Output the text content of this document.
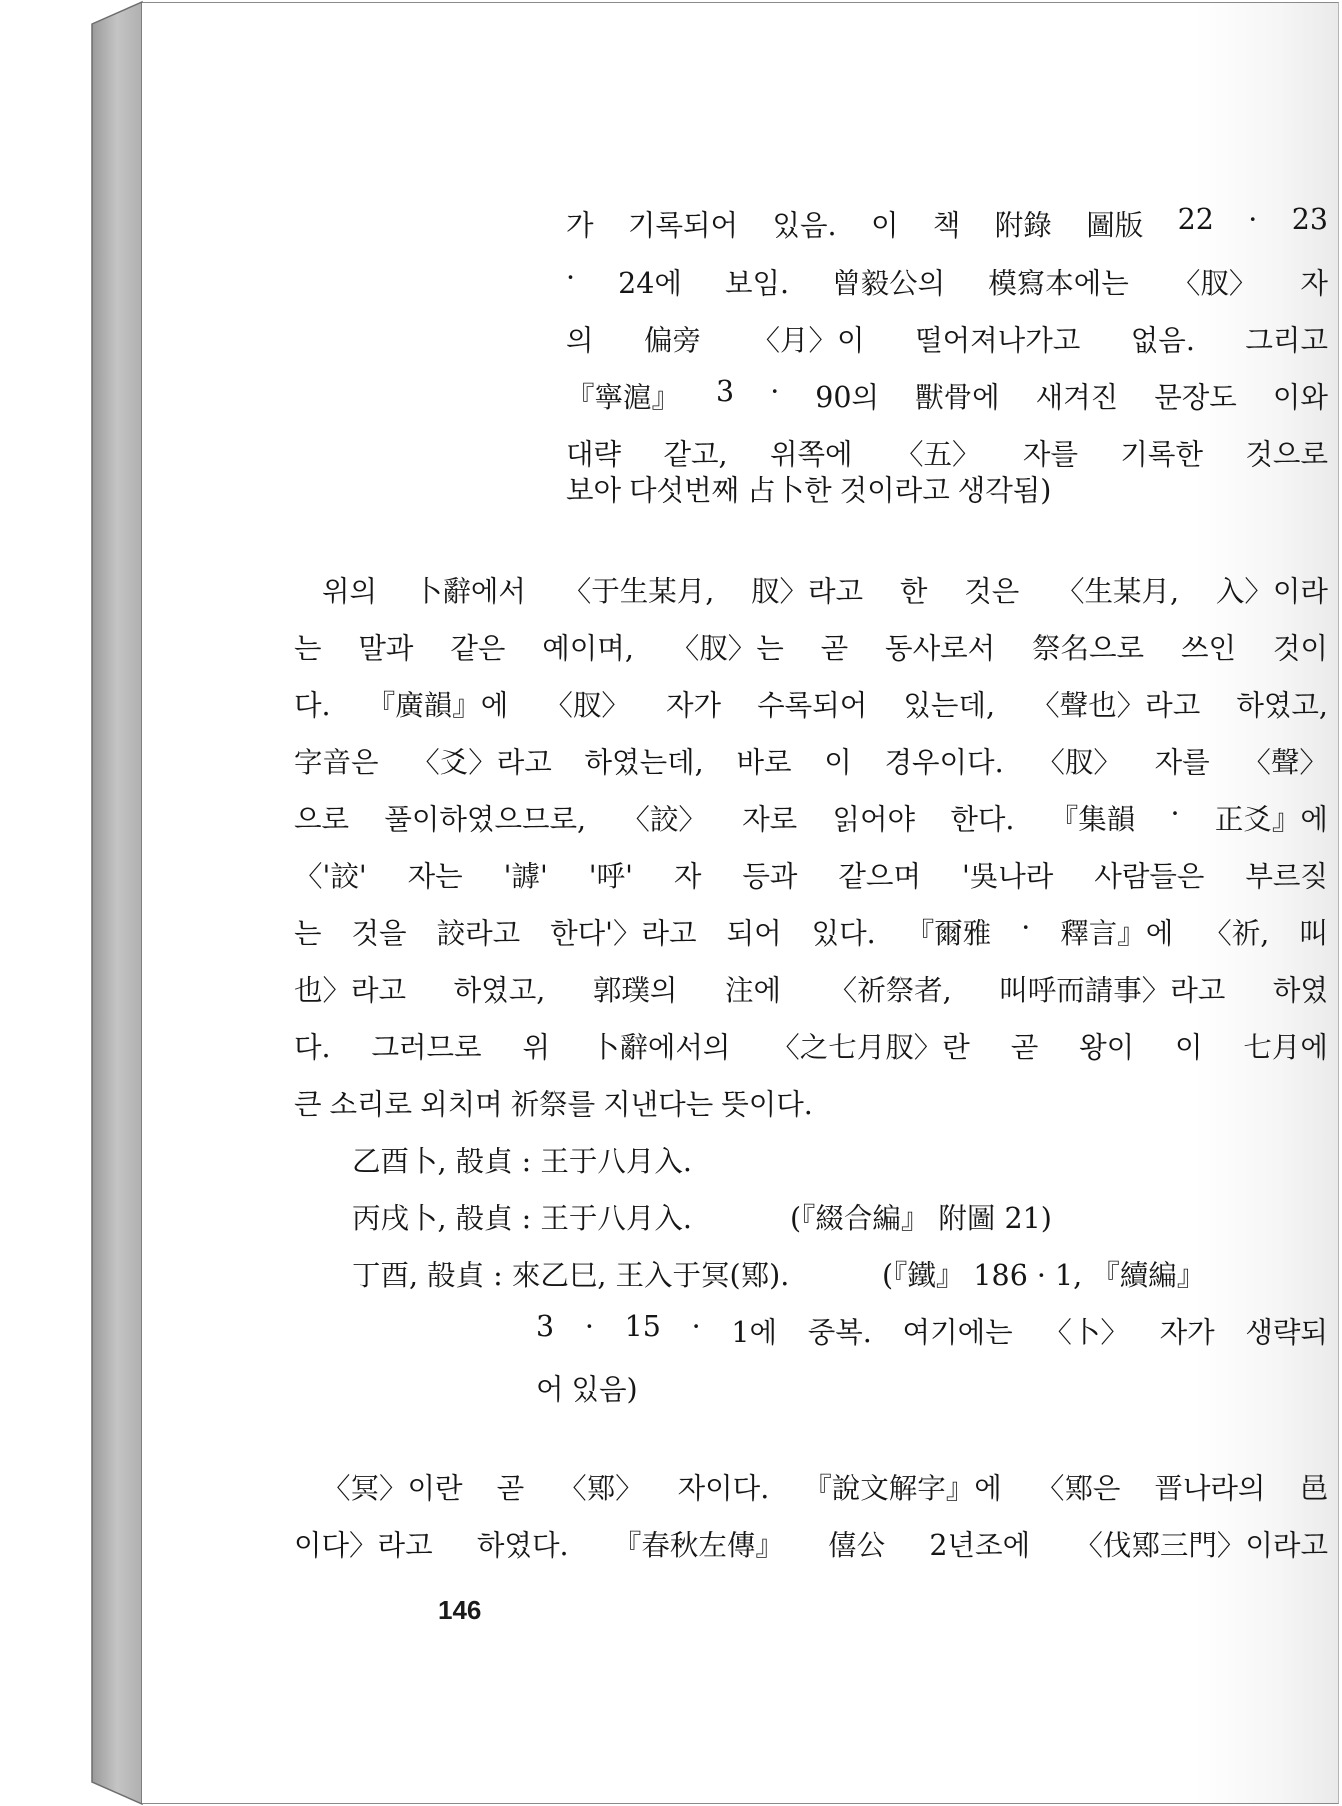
가 기록되어 있음. 이 책 附錄 圖版 22 · 23
· 24에 보임. 曾毅公의 模寫本에는 〈肞〉 자
의 偏旁 〈月〉이 떨어져나가고 없음. 그리고
『寧滬』 3 · 90의 獸骨에 새겨진 문장도 이와
대략 같고, 위쪽에 〈五〉 자를 기록한 것으로
보아 다섯번째 占卜한 것이라고 생각됨)
위의 卜辭에서 〈于生某月, 肞〉라고 한 것은 〈生某月, 入〉이라
는 말과 같은 예이며, 〈肞〉는 곧 동사로서 祭名으로 쓰인 것이
다. 『廣韻』에 〈肞〉 자가 수록되어 있는데, 〈聲也〉라고 하였고,
字音은 〈爻〉라고 하였는데, 바로 이 경우이다. 〈肞〉 자를 〈聲〉
으로 풀이하였으므로, 〈詨〉 자로 읽어야 한다. 『集韻 · 正爻』에
〈'詨' 자는 '謼' '呼' 자 등과 같으며 '吳나라 사람들은 부르짖
는 것을 詨라고 한다'〉라고 되어 있다. 『爾雅 · 釋言』에 〈祈, 叫
也〉라고 하였고, 郭璞의 注에 〈祈祭者, 叫呼而請事〉라고 하였
다. 그러므로 위 卜辭에서의 〈之七月肞〉란 곧 왕이 이 七月에
큰 소리로 외치며 祈祭를 지낸다는 뜻이다.
乙酉卜, 㱿貞 : 王于八月入.
丙戌卜, 㱿貞 : 王于八月入.	(『綴合編』 附圖 21)
丁酉, 㱿貞 : 來乙巳, 王入于冥(鄍).	(『鐵』 186 · 1, 『續編』
3 · 15 · 1에 중복. 여기에는 〈卜〉 자가 생략되
어 있음)
〈冥〉이란 곧 〈鄍〉 자이다. 『說文解字』에 〈鄍은 晋나라의 邑
이다〉라고 하였다. 『春秋左傳』 僖公 2년조에 〈伐鄍三門〉이라고
146
